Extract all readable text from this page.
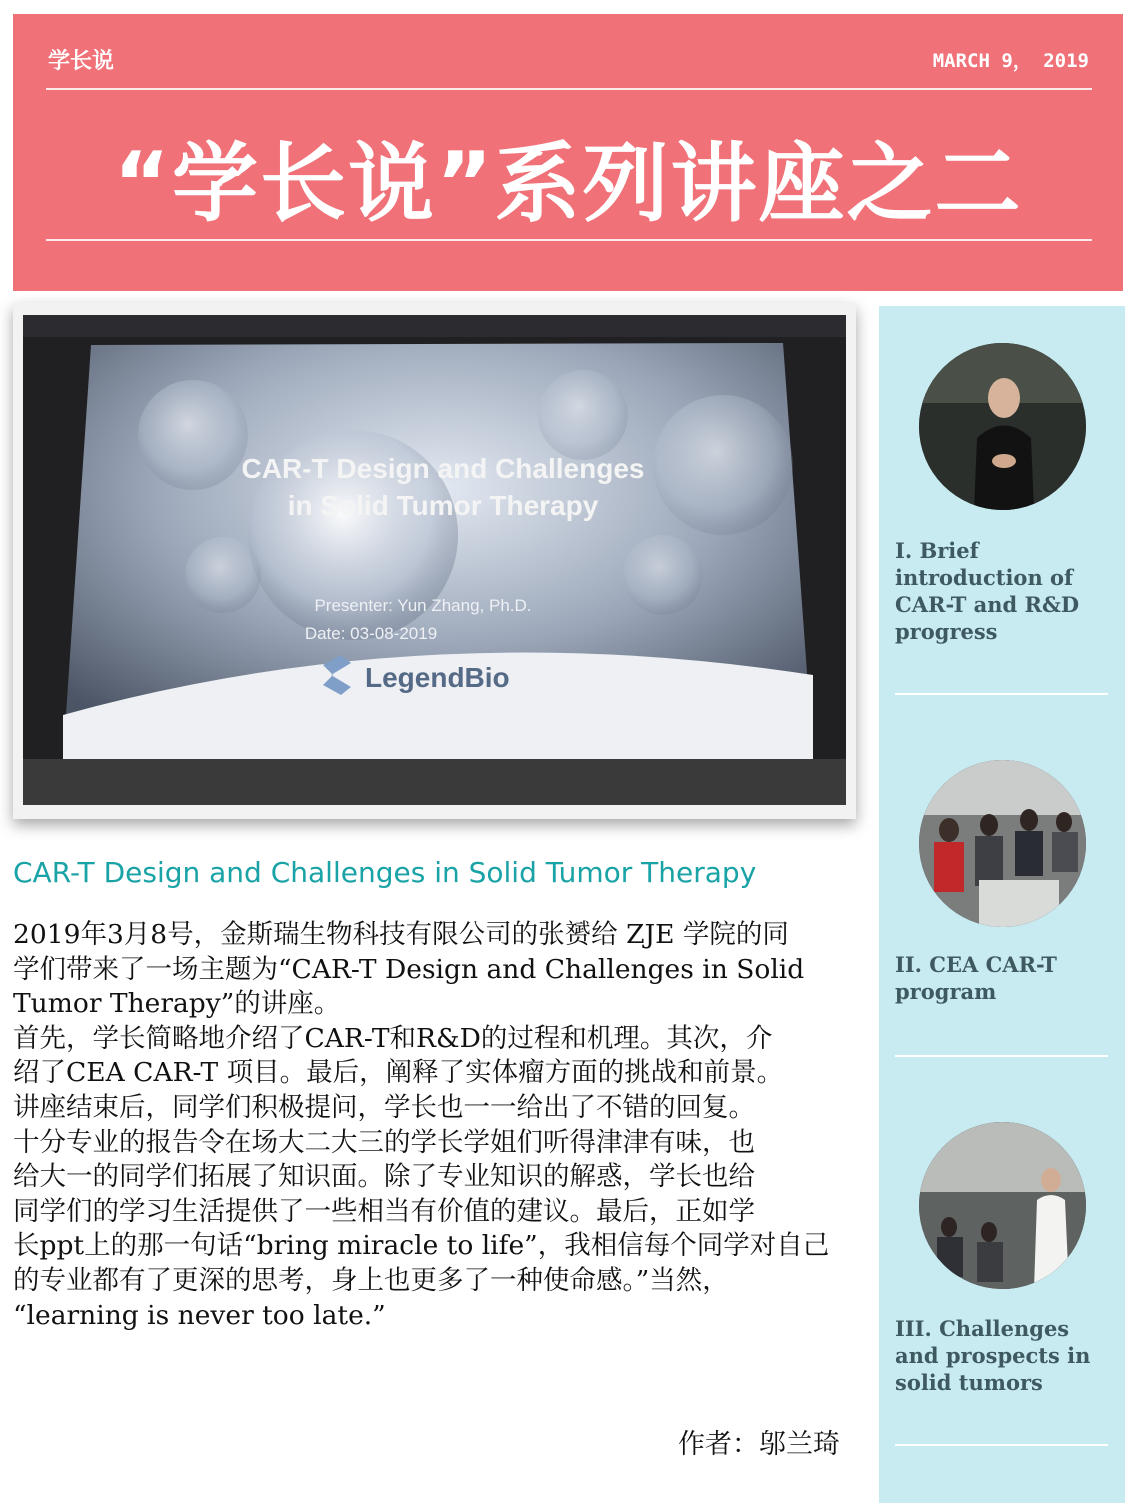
学长说	MARCH 9， 2019
“学长说”系列讲座之二
CAR-T Design and Challenges
in Solid Tumor Therapy
Presenter: Yun Zhang, Ph.D.
Date: 03-08-2019
LegendBio
CAR-T Design and Challenges in Solid Tumor Therapy

2019年3月8号，金斯瑞生物科技有限公司的张赟给 ZJE 学院的同

学们带来了一场主题为“CAR-T Design and Challenges in Solid

Tumor Therapy”的讲座。

首先，学长简略地介绍了CAR-T和R&D的过程和机理。其次，介

绍了CEA CAR-T 项目。最后，阐释了实体瘤方面的挑战和前景。

讲座结束后，同学们积极提问，学长也一一给出了不错的回复。

十分专业的报告令在场大二大三的学长学姐们听得津津有味，也

给大一的同学们拓展了知识面。除了专业知识的解惑，学长也给

同学们的学习生活提供了一些相当有价值的建议。最后，正如学

长ppt上的那一句话“bring miracle to life”，我相信每个同学对自己

的专业都有了更深的思考，身上也更多了一种使命感。”当然，

“learning is never too late.”

作者：邬兰琦
I. Brief introduction of CAR-T and R&D progress
II. CEA CAR-T program
III. Challenges and prospects in solid tumors
